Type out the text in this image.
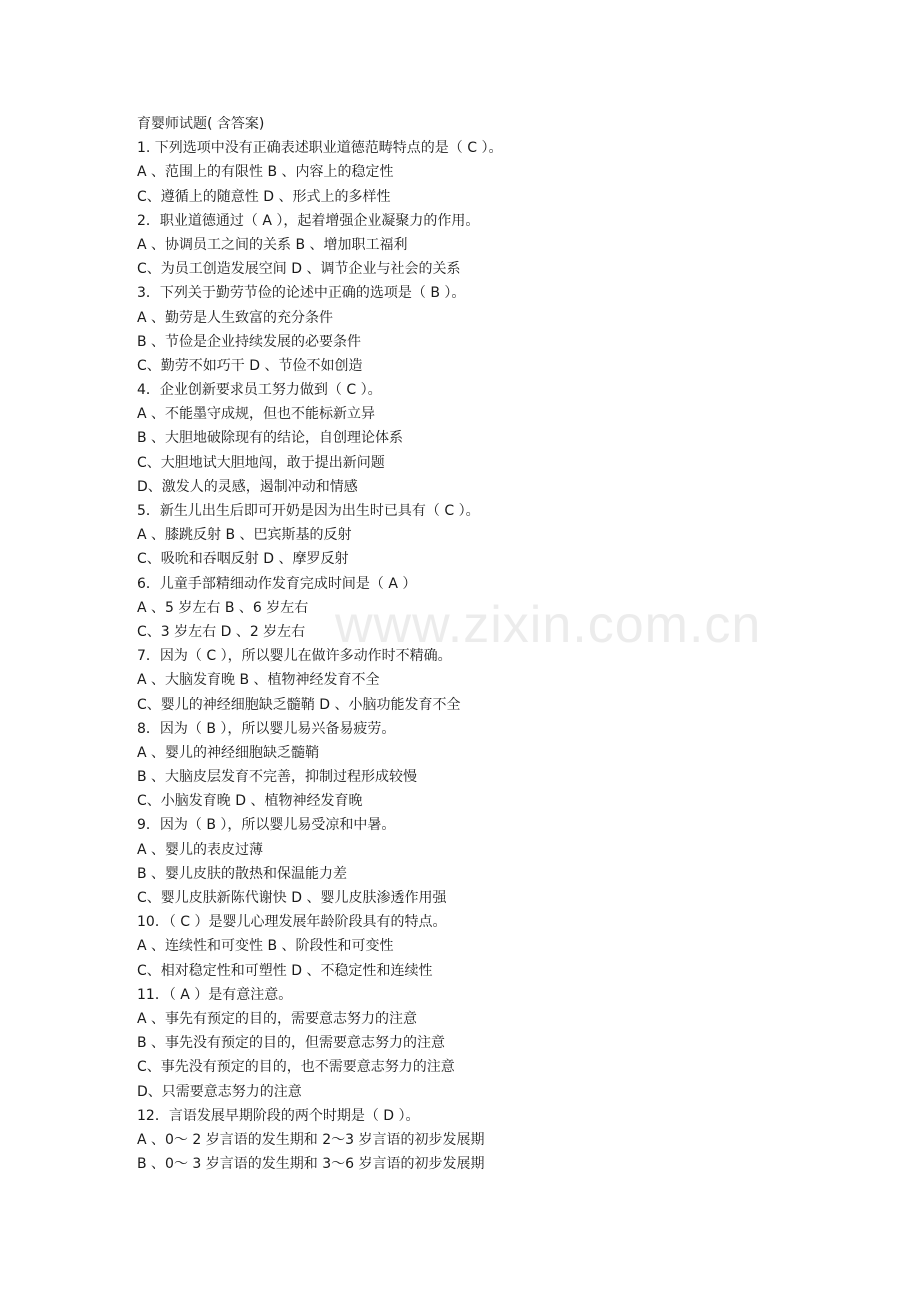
育婴师试题( 含答案)
1. 下列选项中没有正确表述职业道德范畴特点的是（ C ）。
A 、范围上的有限性 B 、内容上的稳定性
C、遵循上的随意性 D 、形式上的多样性
2．职业道德通过（ A ），起着增强企业凝聚力的作用。
A 、协调员工之间的关系 B 、增加职工福利
C、为员工创造发展空间 D 、调节企业与社会的关系
3．下列关于勤劳节俭的论述中正确的选项是（ B ）。
A 、勤劳是人生致富的充分条件
B 、节俭是企业持续发展的必要条件
C、勤劳不如巧干 D 、节俭不如创造
4．企业创新要求员工努力做到（ C ）。
A 、不能墨守成规，但也不能标新立异
B 、大胆地破除现有的结论，自创理论体系
C、大胆地试大胆地闯，敢于提出新问题
D、激发人的灵感，遏制冲动和情感
5．新生儿出生后即可开奶是因为出生时已具有（ C ）。
A 、膝跳反射 B 、巴宾斯基的反射
C、吸吮和吞咽反射 D 、摩罗反射
6．儿童手部精细动作发育完成时间是（ A ）
A 、5 岁左右 B 、6 岁左右
C、3 岁左右 D 、2 岁左右
7．因为（ C ），所以婴儿在做许多动作时不精确。
A 、大脑发育晚 B 、植物神经发育不全
C、婴儿的神经细胞缺乏髓鞘 D 、小脑功能发育不全
8．因为（ B ），所以婴儿易兴备易疲劳。
A 、婴儿的神经细胞缺乏髓鞘
B 、大脑皮层发育不完善，抑制过程形成较慢
C、小脑发育晚 D 、植物神经发育晚
9．因为（ B ），所以婴儿易受凉和中暑。
A 、婴儿的表皮过薄
B 、婴儿皮肤的散热和保温能力差
C、婴儿皮肤新陈代谢快 D 、婴儿皮肤渗透作用强
10．（ C ）是婴儿心理发展年龄阶段具有的特点。
A 、连续性和可变性 B 、阶段性和可变性
C、相对稳定性和可塑性 D 、不稳定性和连续性
11．（ A ）是有意注意。
A 、事先有预定的目的，需要意志努力的注意
B 、事先没有预定的目的，但需要意志努力的注意
C、事先没有预定的目的，也不需要意志努力的注意
D、只需要意志努力的注意
12．言语发展早期阶段的两个时期是（ D ）。
A 、0～ 2 岁言语的发生期和 2～3 岁言语的初步发展期
B 、0～ 3 岁言语的发生期和 3～6 岁言语的初步发展期
www.zixin.com.cn
